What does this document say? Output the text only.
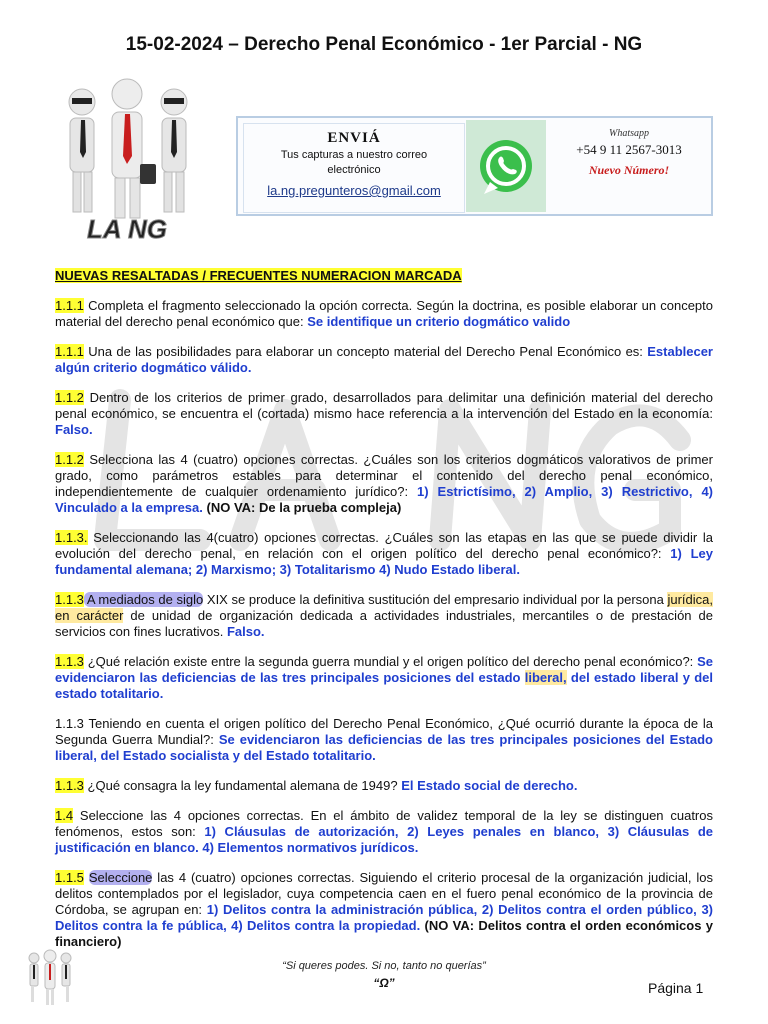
15-02-2024 – Derecho Penal Económico - 1er Parcial - NG
LA NG
ENVIÁ
Tus capturas a nuestro correo
electrónico
la.ng.pregunteros@gmail.com
Whatsapp
+54 9 11 2567-3013
Nuevo Número!

NUEVAS RESALTADAS / FRECUENTES NUMERACION MARCADA

1.1.1 Completa el fragmento seleccionado la opción correcta. Según la doctrina, es posible elaborar un concepto material del derecho penal económico que: Se identifique un criterio dogmático valido

1.1.1 Una de las posibilidades para elaborar un concepto material del Derecho Penal Económico es: Establecer algún criterio dogmático válido.

1.1.2 Dentro de los criterios de primer grado, desarrollados para delimitar una definición material del derecho penal económico, se encuentra el (cortada) mismo hace referencia a la intervención del Estado en la economía: Falso.

1.1.2 Selecciona las 4 (cuatro) opciones correctas. ¿Cuáles son los criterios dogmáticos valorativos de primer grado, como parámetros estables para determinar el contenido del derecho penal económico, independientemente de cualquier ordenamiento jurídico?: 1) Estrictísimo, 2) Amplio, 3) Restrictivo, 4) Vinculado a la empresa. (NO VA: De la prueba compleja)

1.1.3. Seleccionando las 4(cuatro) opciones correctas. ¿Cuáles son las etapas en las que se puede dividir la evolución del derecho penal, en relación con el origen político del derecho penal económico?: 1) Ley fundamental alemana; 2) Marxismo; 3) Totalitarismo 4) Nudo Estado liberal.

1.1.3 A mediados de siglo XIX se produce la definitiva sustitución del empresario individual por la persona jurídica, en carácter de unidad de organización dedicada a actividades industriales, mercantiles o de prestación de servicios con fines lucrativos. Falso.

1.1.3 ¿Qué relación existe entre la segunda guerra mundial y el origen político del derecho penal económico?: Se evidenciaron las deficiencias de las tres principales posiciones del estado liberal, del estado liberal y del estado totalitario.

1.1.3 Teniendo en cuenta el origen político del Derecho Penal Económico, ¿Qué ocurrió durante la época de la Segunda Guerra Mundial?: Se evidenciaron las deficiencias de las tres principales posiciones del Estado liberal, del Estado socialista y del Estado totalitario.

1.1.3 ¿Qué consagra la ley fundamental alemana de 1949? El Estado social de derecho.

1.4 Seleccione las 4 opciones correctas. En el ámbito de validez temporal de la ley se distinguen cuatros fenómenos, estos son: 1) Cláusulas de autorización, 2) Leyes penales en blanco, 3) Cláusulas de justificación en blanco. 4) Elementos normativos jurídicos.

1.1.5 Seleccione las 4 (cuatro) opciones correctas. Siguiendo el criterio procesal de la organización judicial, los delitos contemplados por el legislador, cuya competencia caen en el fuero penal económico de la provincia de Córdoba, se agrupan en: 1) Delitos contra la administración pública, 2) Delitos contra el orden público, 3) Delitos contra la fe pública, 4) Delitos contra la propiedad. (NO VA: Delitos contra el orden económicos y financiero)

“Si queres podes. Si no, tanto no querías”
“Ω”	Página 1
